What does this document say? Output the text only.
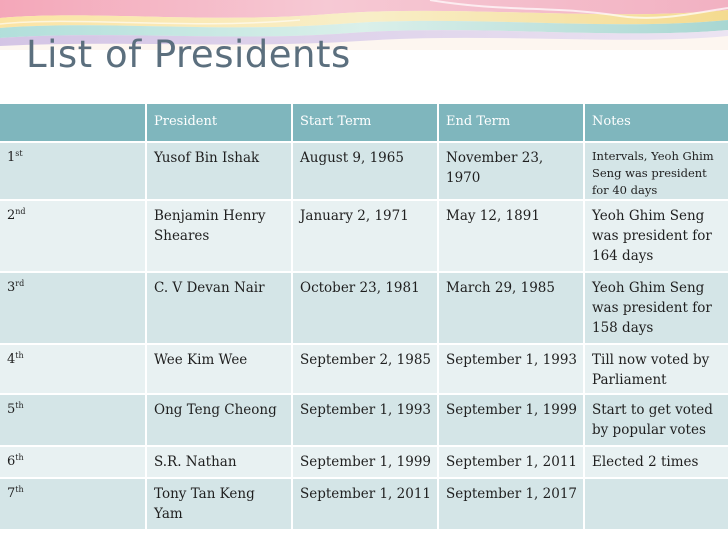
List of Presidents
	President	Start Term	End Term	Notes
1st	Yusof Bin Ishak	August 9, 1965	November 23, 1970	Intervals, Yeoh Ghim Seng was president for 40 days
2nd	Benjamin Henry Sheares	January 2, 1971	May 12, 1891	Yeoh Ghim Seng was president for 164 days
3rd	C. V Devan Nair	October 23, 1981	March 29, 1985	Yeoh Ghim Seng was president for 158 days
4th	Wee Kim Wee	September 2, 1985	September 1, 1993	Till now voted by Parliament
5th	Ong Teng Cheong	September 1, 1993	September 1, 1999	Start to get voted by popular votes
6th	S.R. Nathan	September 1, 1999	September 1, 2011	Elected 2 times
7th	Tony Tan Keng Yam	September 1, 2011	September 1, 2017	
